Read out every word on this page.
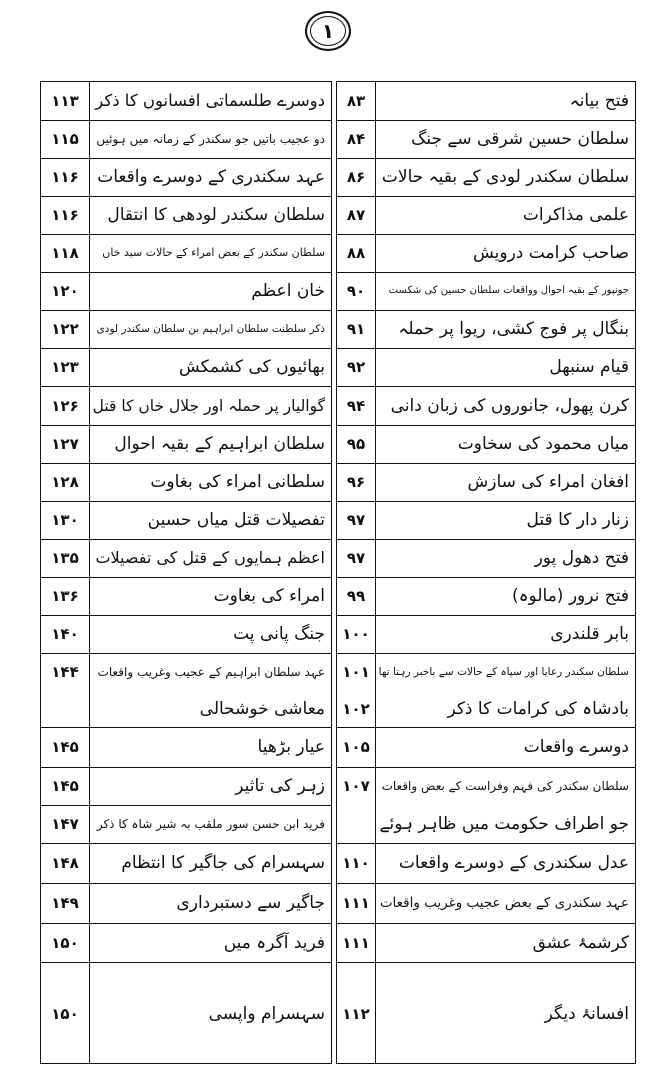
۱
فتح بیانہ
۸۳
سلطان حسین شرقی سے جنگ
۸۴
سلطان سکندر لودی کے بقیہ حالات
۸۶
علمی مذاکرات
۸۷
صاحب کرامت درویش
۸۸
جونپور کے بقیہ احوال وواقعات سلطان حسین کی شکست
۹۰
بنگال پر فوج کشی، ریوا پر حملہ
۹۱
قیام سنبھل
۹۲
کرن پھول، جانوروں کی زبان دانی
۹۴
میاں محمود کی سخاوت
۹۵
افغان امراء کی سازش
۹۶
زنار دار کا قتل
۹۷
فتح دھول پور
۹۷
فتح نرور (مالوہ)
۹۹
بابر قلندری
۱۰۰
سلطان سکندر رعایا اور سپاہ کے حالات سے باخبر رہتا تھا
۱۰۱
بادشاہ کی کرامات کا ذکر
۱۰۲
دوسرے واقعات
۱۰۵
سلطان سکندر کی فہم وفراست کے بعض واقعات
۱۰۷
جو اطراف حکومت میں ظاہر ہوئے
عدل سکندری کے دوسرے واقعات
۱۱۰
عہد سکندری کے بعض عجیب وغریب واقعات
۱۱۱
کرشمۂ عشق
۱۱۱
افسانۂ دیگر
۱۱۲
دوسرے طلسماتی افسانوں کا ذکر
۱۱۳
دو عجیب باتیں جو سکندر کے زمانہ میں ہوئیں
۱۱۵
عہد سکندری کے دوسرے واقعات
۱۱۶
سلطان سکندر لودھی کا انتقال
۱۱۶
سلطان سکندر کے بعض امراء کے حالات سید خاں
۱۱۸
خان اعظم
۱۲۰
ذکر سلطنت سلطان ابراہیم بن سلطان سکندر لودی
۱۲۲
بھائیوں کی کشمکش
۱۲۳
گوالیار پر حملہ اور جلال خاں کا قتل
۱۲۶
سلطان ابراہیم کے بقیہ احوال
۱۲۷
سلطانی امراء کی بغاوت
۱۲۸
تفصیلات قتل میاں حسین
۱۳۰
اعظم ہمایوں کے قتل کی تفصیلات
۱۳۵
امراء کی بغاوت
۱۳۶
جنگ پانی پت
۱۴۰
عہد سلطان ابراہیم کے عجیب وغریب واقعات
۱۴۴
معاشی خوشحالی
عیار بڑھیا
۱۴۵
زہر کی تاثیر
۱۴۵
فرید ابن حسن سور ملقب بہ شیر شاہ کا ذکر
۱۴۷
سہسرام کی جاگیر کا انتظام
۱۴۸
جاگیر سے دستبرداری
۱۴۹
فرید آگرہ میں
۱۵۰
سہسرام واپسی
۱۵۰
